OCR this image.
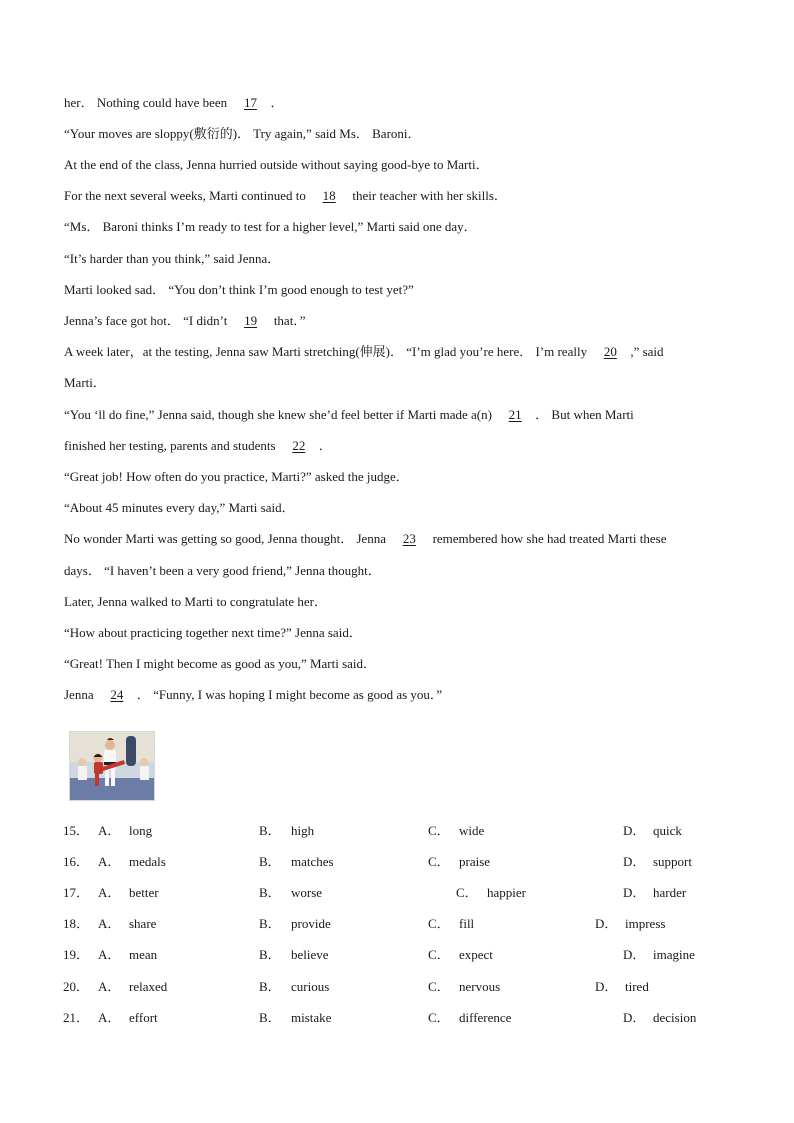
her． Nothing could have been 17 ．
“Your moves are sloppy(敷衍的)． Try again,” said Ms． Baroni．
At the end of the class, Jenna hurried outside without saying good-bye to Marti．
For the next several weeks, Marti continued to 18 their teacher with her skills．
“Ms． Baroni thinks I’m ready to test for a higher level,” Marti said one day．
“It’s harder than you think,” said Jenna．
Marti looked sad． “You don’t think I’m good enough to test yet?”
Jenna’s face got hot． “I didn’t 19 that．”
A week later，at the testing, Jenna saw Marti stretching(伸展)． “I’m glad you’re here． I’m really 20 ,” said
Marti．
“You ‘ll do fine,” Jenna said, though she knew she’d feel better if Marti made a(n) 21 ． But when Marti
finished her testing, parents and students 22 ．
“Great job! How often do you practice, Marti?” asked the judge．
“About 45 minutes every day,” Marti said．
No wonder Marti was getting so good, Jenna thought． Jenna 23 remembered how she had treated Marti these
days． “I haven’t been a very good friend,” Jenna thought．
Later, Jenna walked to Marti to congratulate her．
“How about practicing together next time?” Jenna said．
“Great! Then I might become as good as you,” Marti said．
Jenna 24 ． “Funny, I was hoping I might become as good as you．”
15． A． long	B． high	C． wide	D． quick
16． A． medals	B． matches	C． praise	D． support
17． A． better	B． worse	C． happier	D． harder
18． A． share	B． provide	C． fill	D． impress
19． A． mean	B． believe	C． expect	D． imagine
20． A． relaxed	B． curious	C． nervous	D． tired
21． A． effort	B． mistake	C． difference	D． decision
